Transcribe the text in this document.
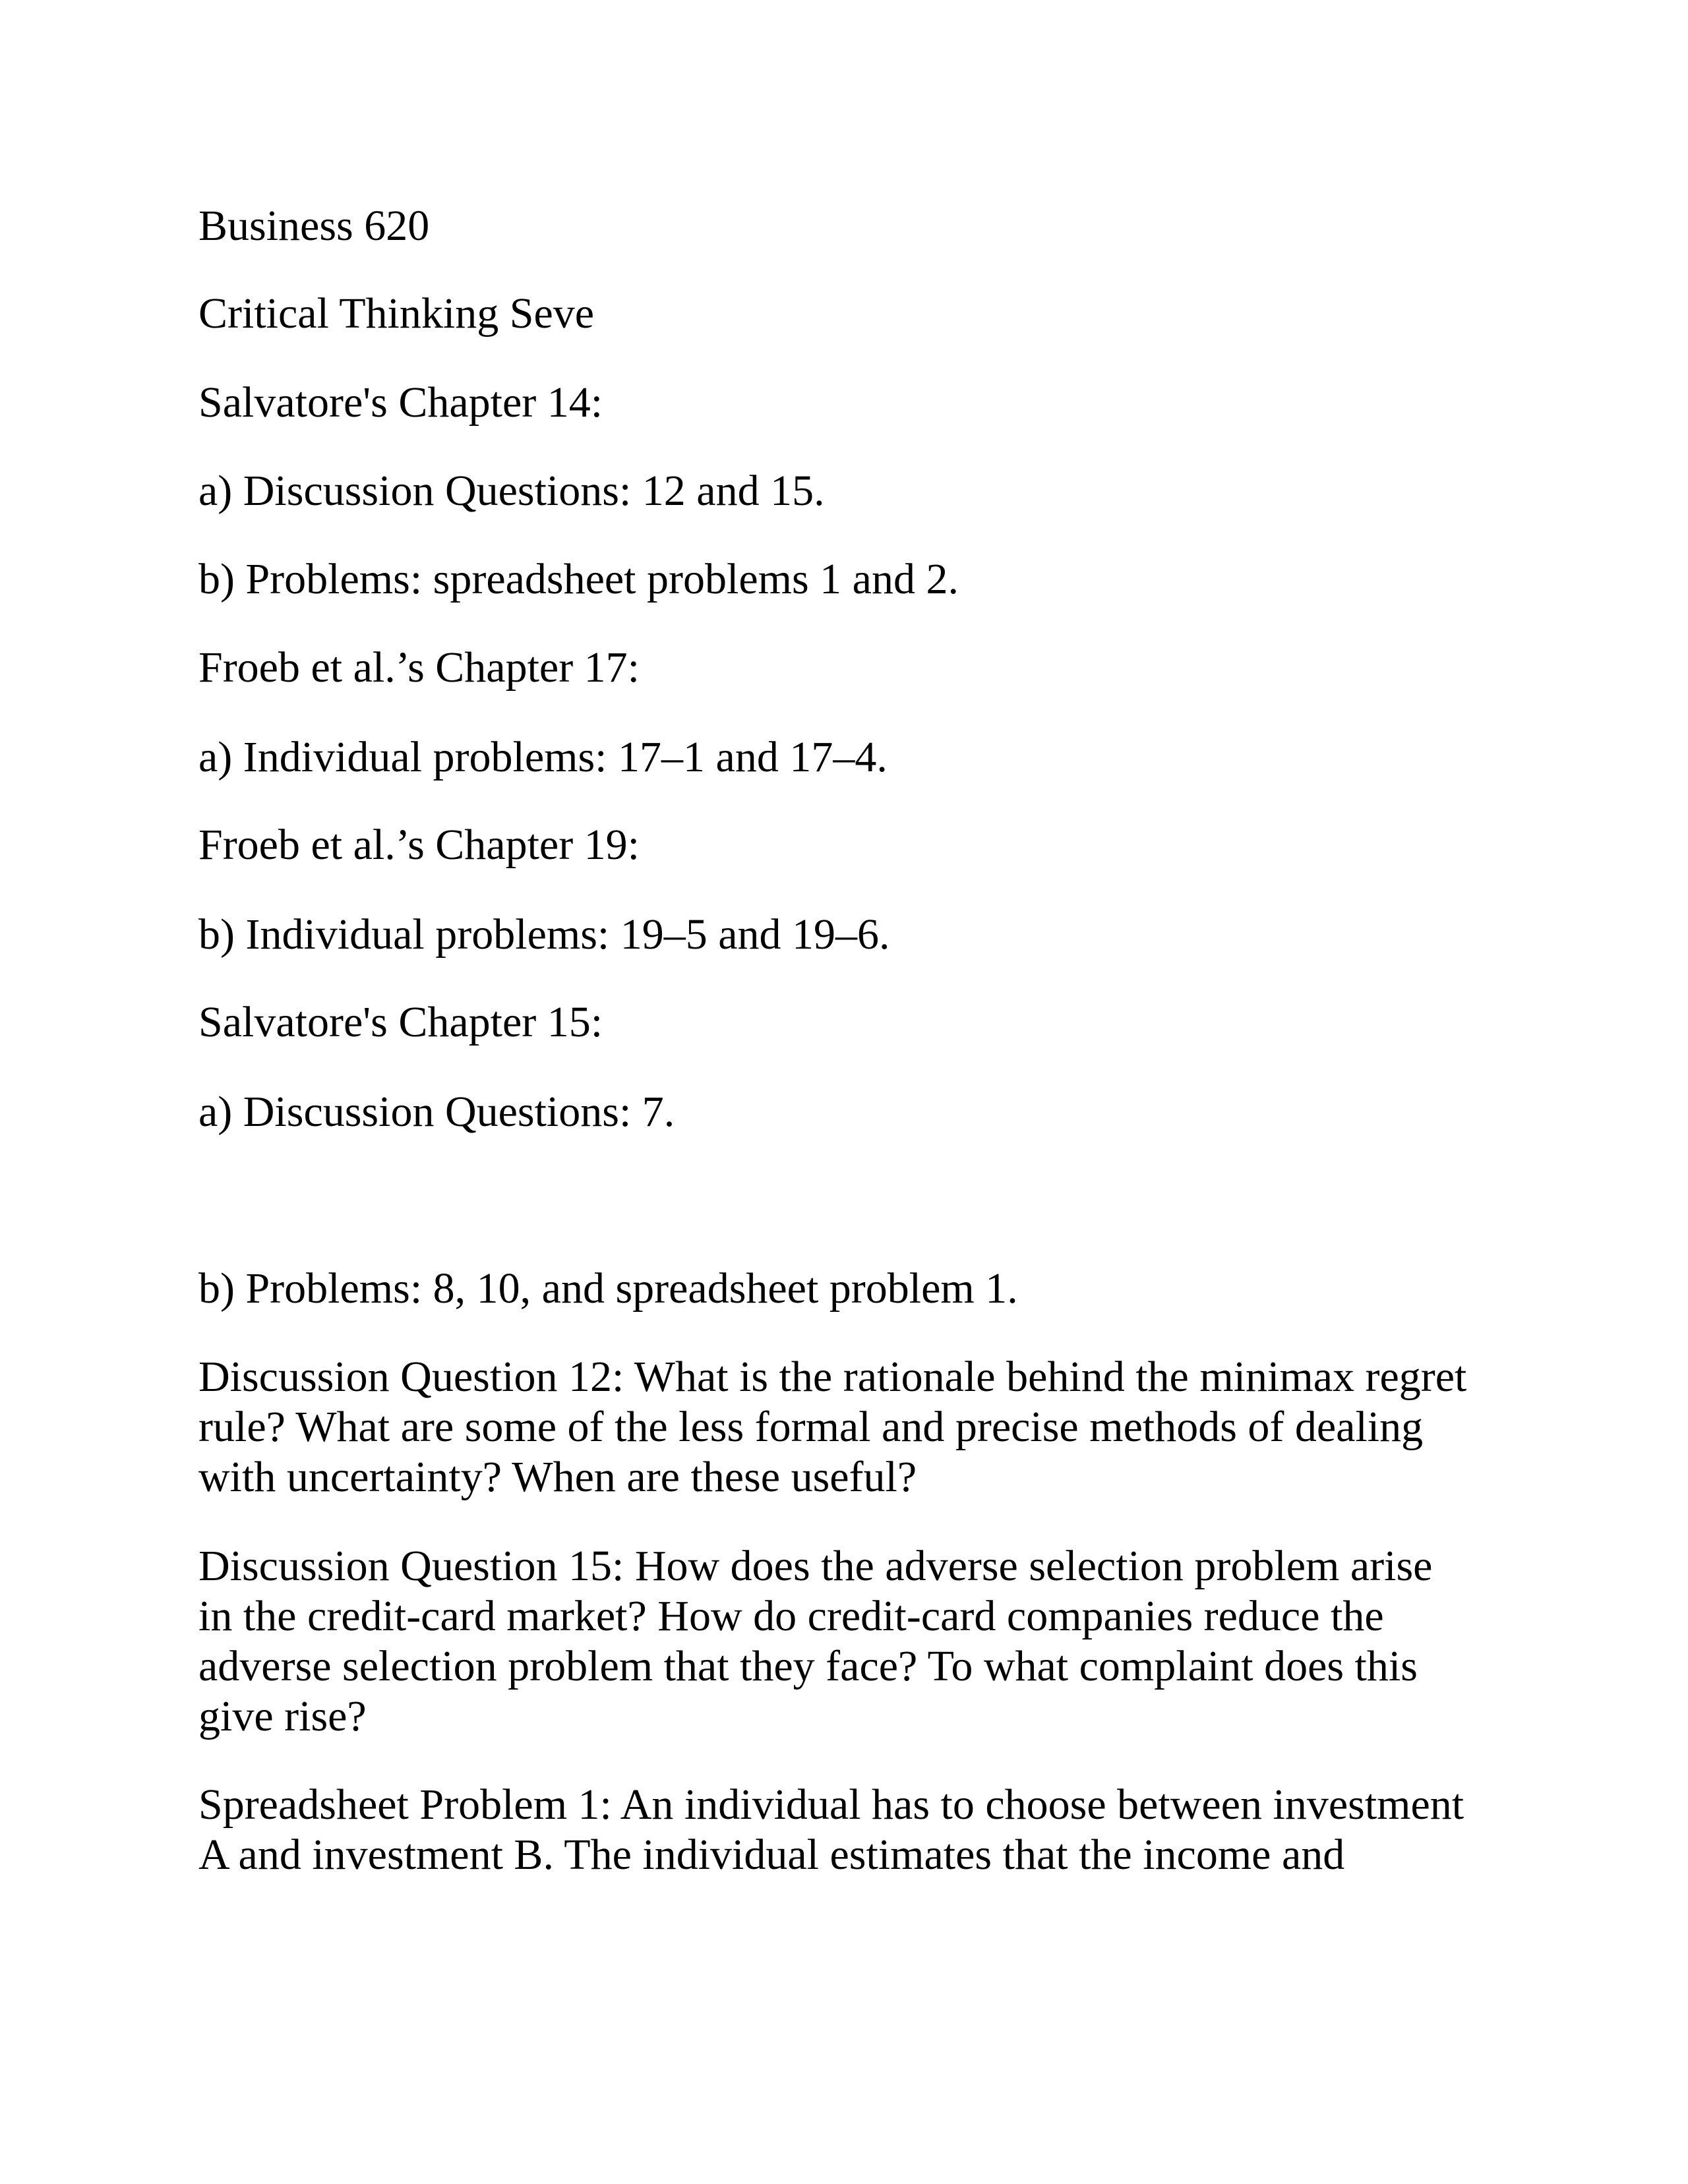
Business 620

Critical Thinking Seve

Salvatore's Chapter 14:

a) Discussion Questions: 12 and 15.

b) Problems: spreadsheet problems 1 and 2.

Froeb et al.’s Chapter 17:

a) Individual problems: 17–1 and 17–4.

Froeb et al.’s Chapter 19:

b) Individual problems: 19–5 and 19–6.

Salvatore's Chapter 15:

a) Discussion Questions: 7.

b) Problems: 8, 10, and spreadsheet problem 1.

Discussion Question 12: What is the rationale behind the minimax regret
rule? What are some of the less formal and precise methods of dealing
with uncertainty? When are these useful?
Discussion Question 15: How does the adverse selection problem arise
in the credit-card market? How do credit-card companies reduce the
adverse selection problem that they face? To what complaint does this
give rise?
Spreadsheet Problem 1: An individual has to choose between investment
A and investment B. The individual estimates that the income and
